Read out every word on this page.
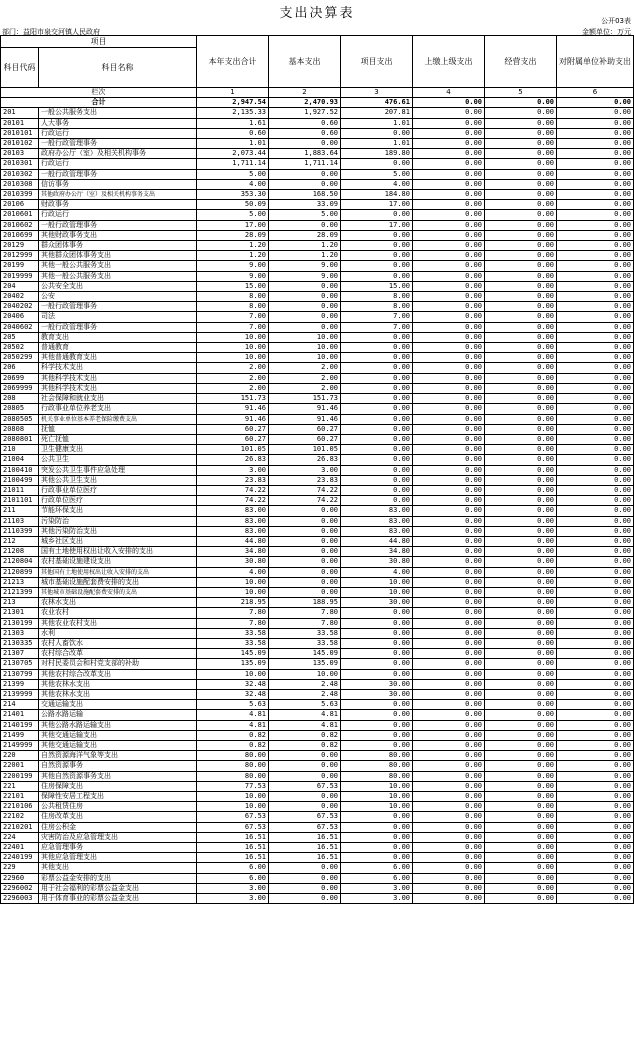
支出决算表	公开03表
部门：益阳市泉交河镇人民政府	金额单位：万元
项目		本年支出合计	基本支出	项目支出	上缴上级支出	经营支出	对附属单位补助支出
科目代码	科目名称						
栏次		1	2	3	4	5	6
合计		2,947.54	2,470.93	476.61	0.00	0.00	0.00
201	一般公共服务支出	2,135.33	1,927.52	207.81	0.00	0.00	0.00
20101	人大事务	1.61	0.60	1.01	0.00	0.00	0.00
2010101	行政运行	0.60	0.60	0.00	0.00	0.00	0.00
2010102	一般行政管理事务	1.01	0.00	1.01	0.00	0.00	0.00
20103	政府办公厅（室）及相关机构事务	2,073.44	1,883.64	189.80	0.00	0.00	0.00
2010301	行政运行	1,711.14	1,711.14	0.00	0.00	0.00	0.00
2010302	一般行政管理事务	5.00	0.00	5.00	0.00	0.00	0.00
2010308	信访事务	4.00	0.00	4.00	0.00	0.00	0.00
2010399	其他政府办公厅（室）及相关机构事务支出	353.30	168.50	184.80	0.00	0.00	0.00
20106	财政事务	50.09	33.09	17.00	0.00	0.00	0.00
2010601	行政运行	5.00	5.00	0.00	0.00	0.00	0.00
2010602	一般行政管理事务	17.00	0.00	17.00	0.00	0.00	0.00
2010699	其他财政事务支出	28.09	28.09	0.00	0.00	0.00	0.00
20129	群众团体事务	1.20	1.20	0.00	0.00	0.00	0.00
2012999	其他群众团体事务支出	1.20	1.20	0.00	0.00	0.00	0.00
20199	其他一般公共服务支出	9.00	9.00	0.00	0.00	0.00	0.00
2019999	其他一般公共服务支出	9.00	9.00	0.00	0.00	0.00	0.00
204	公共安全支出	15.00	0.00	15.00	0.00	0.00	0.00
20402	公安	8.00	0.00	8.00	0.00	0.00	0.00
2040202	一般行政管理事务	8.00	0.00	8.00	0.00	0.00	0.00
20406	司法	7.00	0.00	7.00	0.00	0.00	0.00
2040602	一般行政管理事务	7.00	0.00	7.00	0.00	0.00	0.00
205	教育支出	10.00	10.00	0.00	0.00	0.00	0.00
20502	普通教育	10.00	10.00	0.00	0.00	0.00	0.00
2050299	其他普通教育支出	10.00	10.00	0.00	0.00	0.00	0.00
206	科学技术支出	2.00	2.00	0.00	0.00	0.00	0.00
20699	其他科学技术支出	2.00	2.00	0.00	0.00	0.00	0.00
2069999	其他科学技术支出	2.00	2.00	0.00	0.00	0.00	0.00
208	社会保障和就业支出	151.73	151.73	0.00	0.00	0.00	0.00
20805	行政事业单位养老支出	91.46	91.46	0.00	0.00	0.00	0.00
2080505	机关事业单位基本养老保险缴费支出	91.46	91.46	0.00	0.00	0.00	0.00
20808	抚恤	60.27	60.27	0.00	0.00	0.00	0.00
2080801	死亡抚恤	60.27	60.27	0.00	0.00	0.00	0.00
210	卫生健康支出	101.05	101.05	0.00	0.00	0.00	0.00
21004	公共卫生	26.83	26.83	0.00	0.00	0.00	0.00
2100410	突发公共卫生事件应急处理	3.00	3.00	0.00	0.00	0.00	0.00
2100499	其他公共卫生支出	23.83	23.83	0.00	0.00	0.00	0.00
21011	行政事业单位医疗	74.22	74.22	0.00	0.00	0.00	0.00
2101101	行政单位医疗	74.22	74.22	0.00	0.00	0.00	0.00
211	节能环保支出	83.00	0.00	83.00	0.00	0.00	0.00
21103	污染防治	83.00	0.00	83.00	0.00	0.00	0.00
2110399	其他污染防治支出	83.00	0.00	83.00	0.00	0.00	0.00
212	城乡社区支出	44.80	0.00	44.80	0.00	0.00	0.00
21208	国有土地使用权出让收入安排的支出	34.80	0.00	34.80	0.00	0.00	0.00
2120804	农村基础设施建设支出	30.80	0.00	30.80	0.00	0.00	0.00
2120899	其他国有土地使用权出让收入安排的支出	4.00	0.00	4.00	0.00	0.00	0.00
21213	城市基础设施配套费安排的支出	10.00	0.00	10.00	0.00	0.00	0.00
2121399	其他城市基础设施配套费安排的支出	10.00	0.00	10.00	0.00	0.00	0.00
213	农林水支出	218.95	188.95	30.00	0.00	0.00	0.00
21301	农业农村	7.80	7.80	0.00	0.00	0.00	0.00
2130199	其他农业农村支出	7.80	7.80	0.00	0.00	0.00	0.00
21303	水利	33.58	33.58	0.00	0.00	0.00	0.00
2130335	农村人畜饮水	33.58	33.58	0.00	0.00	0.00	0.00
21307	农村综合改革	145.09	145.09	0.00	0.00	0.00	0.00
2130705	对村民委员会和村党支部的补助	135.09	135.09	0.00	0.00	0.00	0.00
2130799	其他农村综合改革支出	10.00	10.00	0.00	0.00	0.00	0.00
21399	其他农林水支出	32.48	2.48	30.00	0.00	0.00	0.00
2139999	其他农林水支出	32.48	2.48	30.00	0.00	0.00	0.00
214	交通运输支出	5.63	5.63	0.00	0.00	0.00	0.00
21401	公路水路运输	4.81	4.81	0.00	0.00	0.00	0.00
2140199	其他公路水路运输支出	4.81	4.81	0.00	0.00	0.00	0.00
21499	其他交通运输支出	0.82	0.82	0.00	0.00	0.00	0.00
2149999	其他交通运输支出	0.82	0.82	0.00	0.00	0.00	0.00
220	自然资源海洋气象等支出	80.00	0.00	80.00	0.00	0.00	0.00
22001	自然资源事务	80.00	0.00	80.00	0.00	0.00	0.00
2200199	其他自然资源事务支出	80.00	0.00	80.00	0.00	0.00	0.00
221	住房保障支出	77.53	67.53	10.00	0.00	0.00	0.00
22101	保障性安居工程支出	10.00	0.00	10.00	0.00	0.00	0.00
2210106	公共租赁住房	10.00	0.00	10.00	0.00	0.00	0.00
22102	住房改革支出	67.53	67.53	0.00	0.00	0.00	0.00
2210201	住房公积金	67.53	67.53	0.00	0.00	0.00	0.00
224	灾害防治及应急管理支出	16.51	16.51	0.00	0.00	0.00	0.00
22401	应急管理事务	16.51	16.51	0.00	0.00	0.00	0.00
2240199	其他应急管理支出	16.51	16.51	0.00	0.00	0.00	0.00
229	其他支出	6.00	0.00	6.00	0.00	0.00	0.00
22960	彩票公益金安排的支出	6.00	0.00	6.00	0.00	0.00	0.00
2296002	用于社会福利的彩票公益金支出	3.00	0.00	3.00	0.00	0.00	0.00
2296003	用于体育事业的彩票公益金支出	3.00	0.00	3.00	0.00	0.00	0.00
